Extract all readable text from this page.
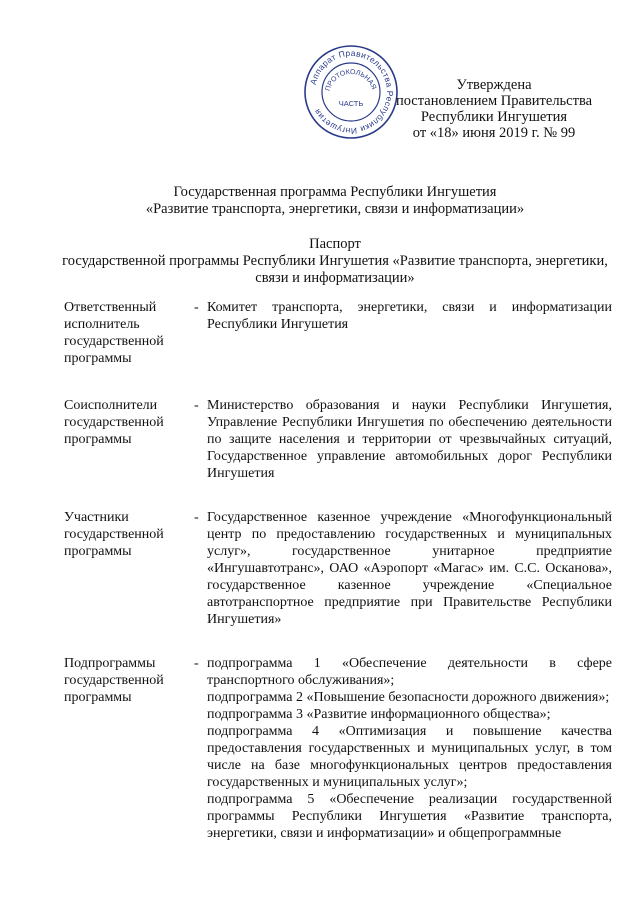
Аппарат Правительства Республики Ингушетия
ПРОТОКОЛЬНАЯ
ЧАСТЬ
Утверждена
постановлением Правительства
Республики Ингушетия
от «18» июня 2019 г. № 99
Государственная программа Республики Ингушетия
«Развитие транспорта, энергетики, связи и информатизации»
Паспорт
государственной программы Республики Ингушетия «Развитие транспорта, энергетики, связи и информатизации»
Ответственный
исполнитель
государственной
программы
- Комитет транспорта, энергетики, связи и информатизации Республики Ингушетия

Соисполнители
государственной
программы
- Министерство образования и науки Республики Ингушетия, Управление Республики Ингушетия по обеспечению деятельности по защите населения и территории от чрезвычайных ситуаций, Государственное управление автомобильных дорог Республики Ингушетия

Участники
государственной
программы
- Государственное казенное учреждение «Многофункциональный центр по предоставлению государственных и муниципальных услуг», государственное унитарное предприятие «Ингушавтотранс», ОАО «Аэропорт «Магас» им. С.С. Осканова», государственное казенное учреждение «Специальное автотранспортное предприятие при Правительстве Республики Ингушетия»

Подпрограммы
государственной
программы
- подпрограмма 1 «Обеспечение деятельности в сфере транспортного обслуживания»;

подпрограмма 2 «Повышение безопасности дорожного движения»;

подпрограмма 3 «Развитие информационного общества»;

подпрограмма 4 «Оптимизация и повышение качества предоставления государственных и муниципальных услуг, в том числе на базе многофункциональных центров предоставления государственных и муниципальных услуг»;

подпрограмма 5 «Обеспечение реализации государственной программы Республики Ингушетия «Развитие транспорта, энергетики, связи и информатизации» и общепрограммные
